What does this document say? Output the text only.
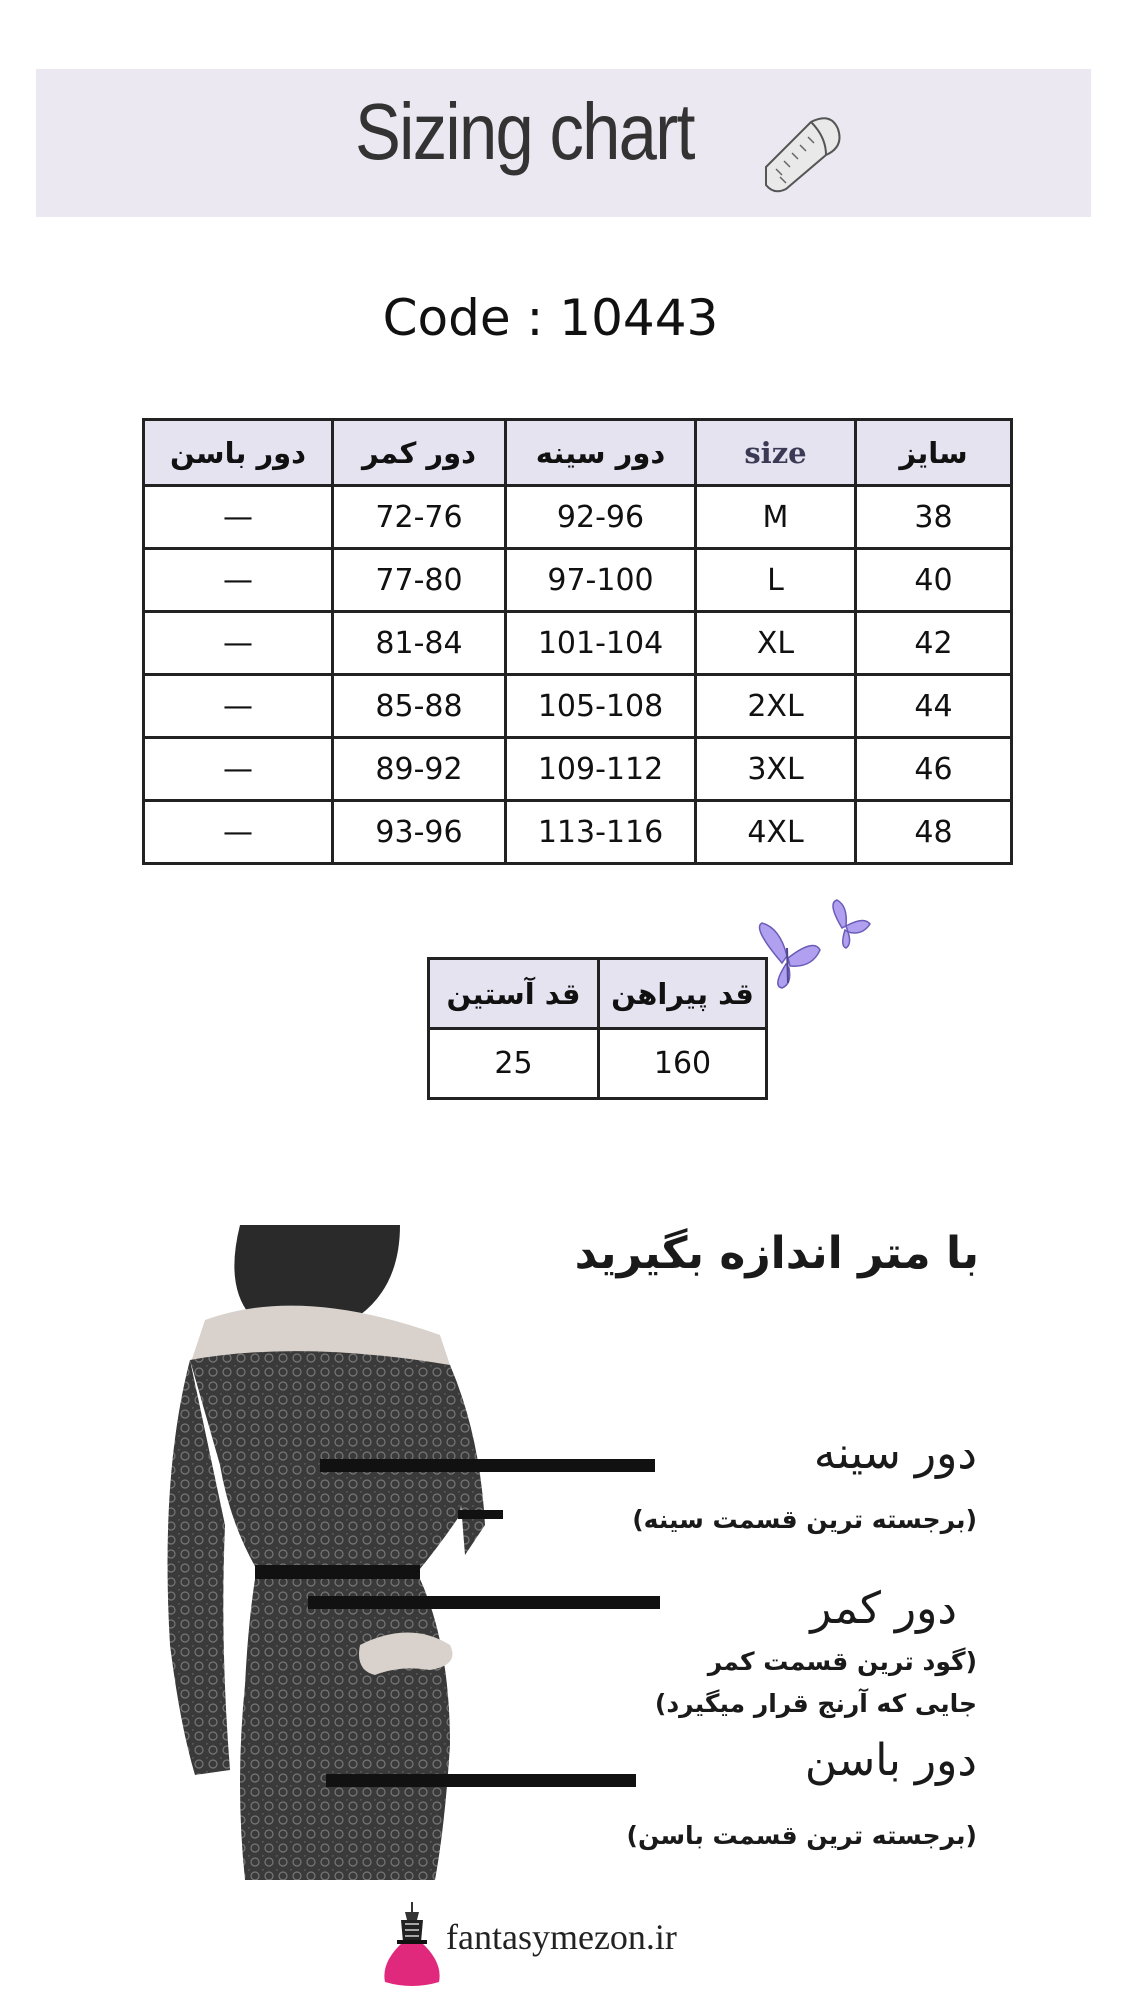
Sizing chart
Code : 10443
دور باسن	دور کمر	دور سینه	size	سایز
—	72-76	92-96	M	38
—	77-80	97-100	L	40
—	81-84	101-104	XL	42
—	85-88	105-108	2XL	44
—	89-92	109-112	3XL	46
—	93-96	113-116	4XL	48
قد آستین	قد پیراهن
25	160
با متر اندازه بگیرید
دور سینه
(برجسته ترین قسمت سینه)
دور کمر
(گود ترین قسمت کمر
جایی که آرنج قرار میگیرد)
دور باسن
(برجسته ترین قسمت باسن)
fantasymezon.ir
